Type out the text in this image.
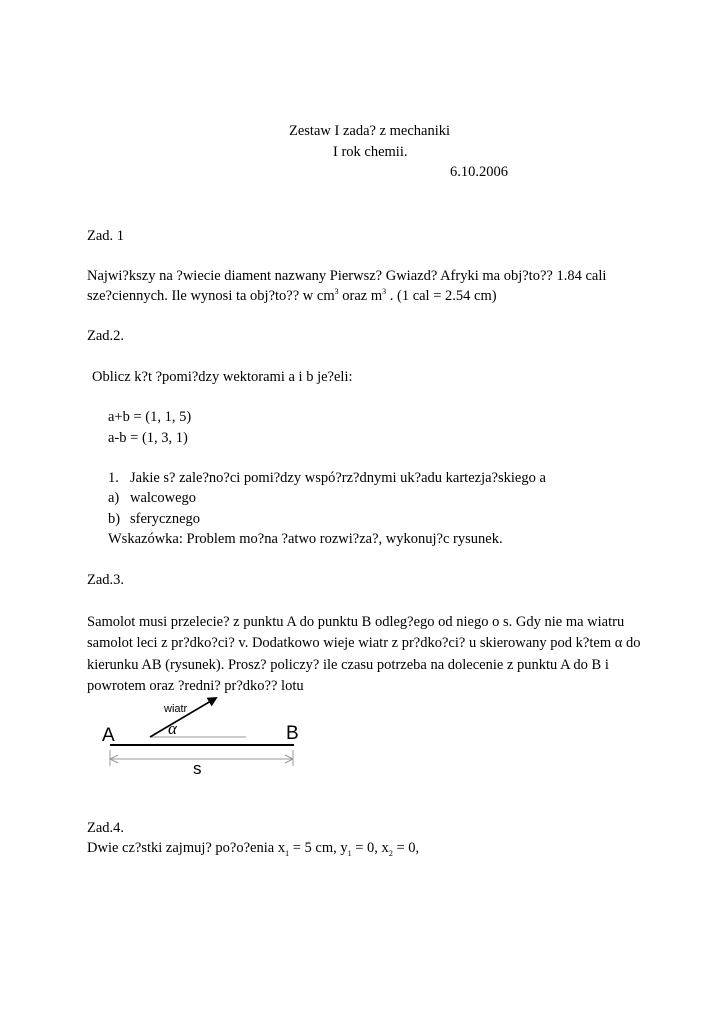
Zestaw I zada? z mechaniki
I rok chemii.
6.10.2006
Zad. 1
Najwi?kszy na ?wiecie diament nazwany Pierwsz? Gwiazd? Afryki ma obj?to?? 1.84 cali
sze?ciennych. Ile wynosi ta obj?to?? w $cm^3$ oraz $m^3$ . (1 cal = 2.54 cm)
Zad.2.
Oblicz k?t ?pomi?dzy wektorami a i b je?eli:
a+b = (1, 1, 5)
a-b = (1, 3, 1)
1. Jakie s? zale?no?ci pomi?dzy wspó?rz?dnymi uk?adu kartezja?skiego a
a) walcowego
b) sferycznego
Wskazówka: Problem mo?na ?atwo rozwi?za?, wykonuj?c rysunek.
Zad.3.
Samolot musi przelecie? z punktu A do punktu B odleg?ego od niego o s. Gdy nie ma wiatru
samolot leci z pr?dko?ci? v. Dodatkowo wieje wiatr z pr?dko?ci? u skierowany pod k?tem α do
kierunku AB (rysunek). Prosz? policzy? ile czasu potrzeba na dolecenie z punktu A do B i
powrotem oraz ?redni? pr?dko?? lotu
A	B
s
wiatr
α
Zad.4.
Dwie cz?stki zajmuj? po?o?enia $x_1 = 5$ cm, $y_1 = 0$, $x_2 = 0$,
